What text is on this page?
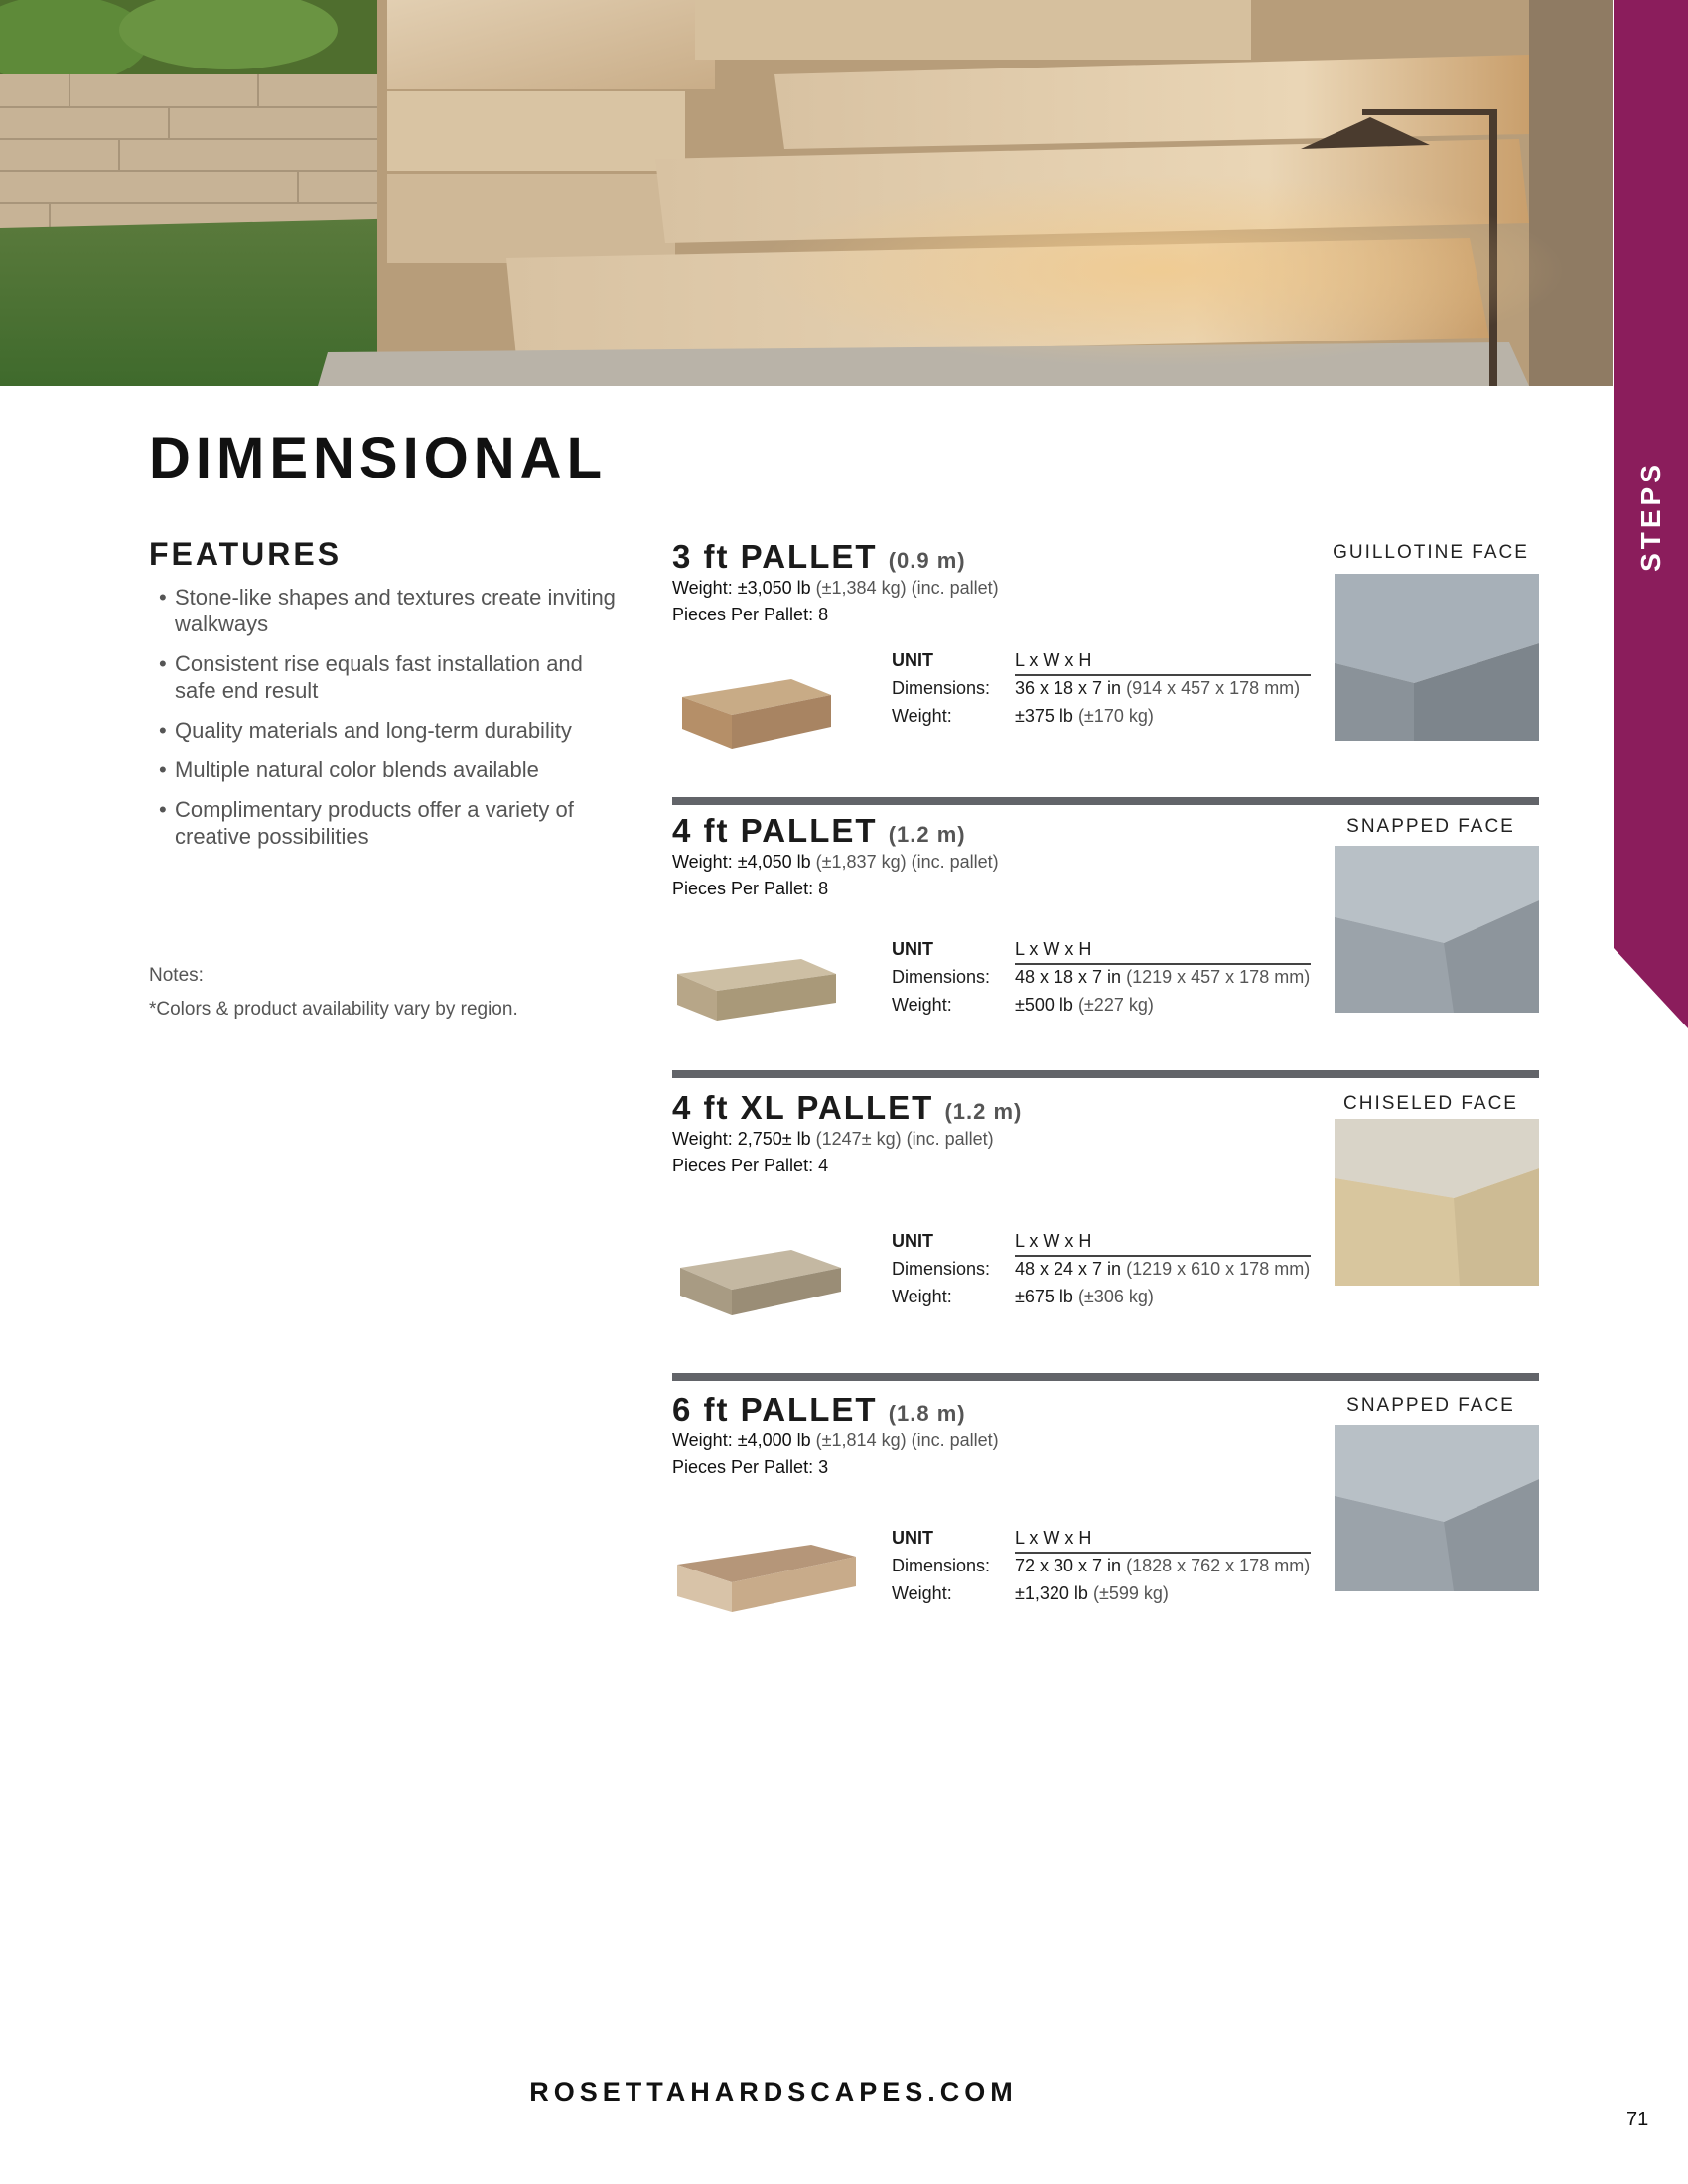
STEPS
DIMENSIONAL
FEATURES
• Stone-like shapes and textures create inviting walkways
• Consistent rise equals fast installation and safe end result
• Quality materials and long-term durability
• Multiple natural color blends available
• Complimentary products offer a variety of creative possibilities
Notes:
*Colors & product availability vary by region.
3 ft PALLET (0.9 m)
Weight: ±3,050 lb (±1,384 kg) (inc. pallet)
Pieces Per Pallet: 8
UNIT	L x W x H
Dimensions: 36 x 18 x 7 in (914 x 457 x 178 mm)
Weight:	±375 lb (±170 kg)
GUILLOTINE FACE
4 ft PALLET (1.2 m)
Weight: ±4,050 lb (±1,837 kg) (inc. pallet)
Pieces Per Pallet: 8
UNIT	L x W x H
Dimensions: 48 x 18 x 7 in (1219 x 457 x 178 mm)
Weight:	±500 lb (±227 kg)
SNAPPED FACE
4 ft XL PALLET (1.2 m)
Weight: 2,750± lb (1247± kg) (inc. pallet)
Pieces Per Pallet: 4
UNIT	L x W x H
Dimensions: 48 x 24 x 7 in (1219 x 610 x 178 mm)
Weight:	±675 lb (±306 kg)
CHISELED FACE
6 ft PALLET (1.8 m)
Weight: ±4,000 lb (±1,814 kg) (inc. pallet)
Pieces Per Pallet: 3
UNIT	L x W x H
Dimensions: 72 x 30 x 7 in (1828 x 762 x 178 mm)
Weight:	±1,320 lb (±599 kg)
SNAPPED FACE
ROSETTAHARDSCAPES.COM
71
